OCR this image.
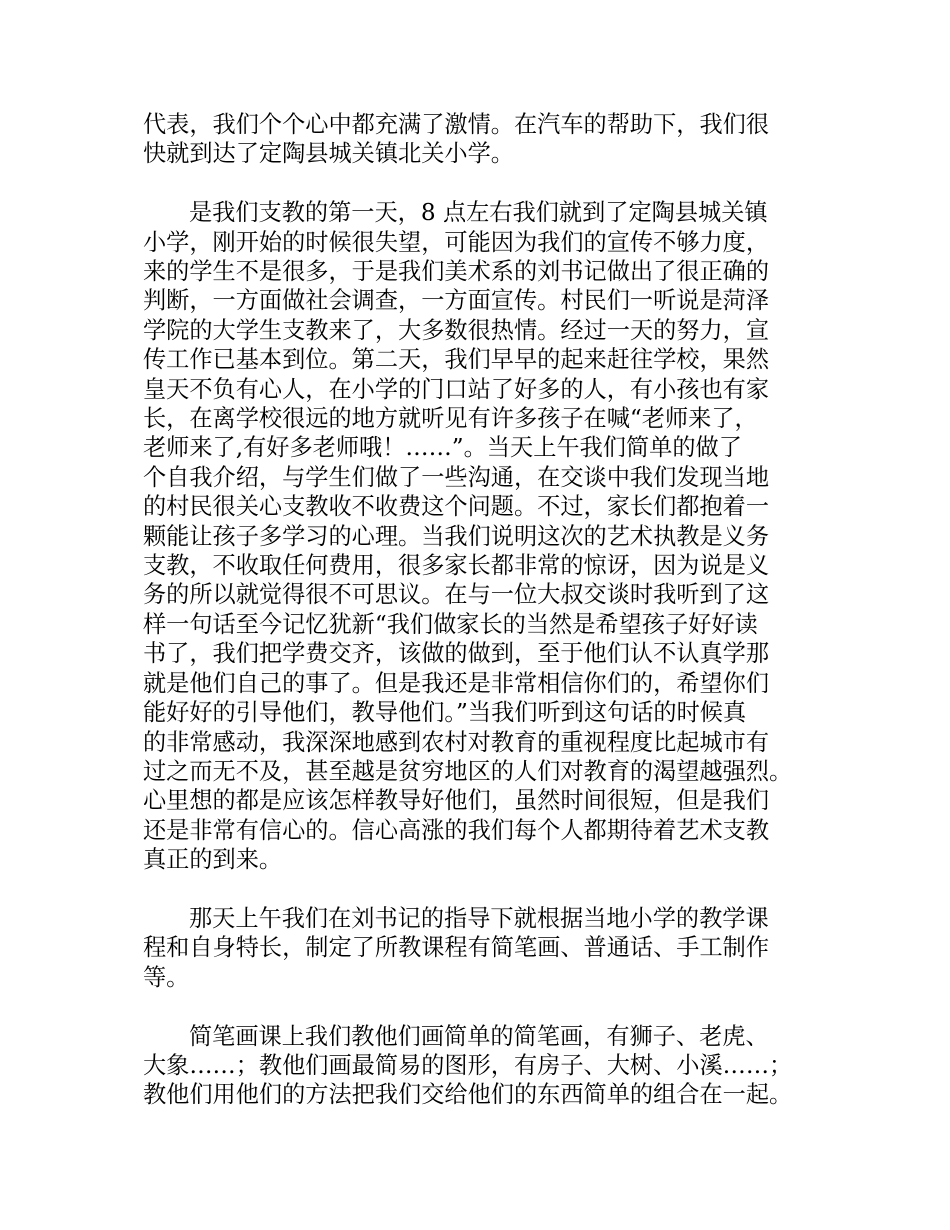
代表，我们个个心中都充满了激情。在汽车的帮助下，我们很
快就到达了定陶县城关镇北关小学。
是我们支教的第一天，8 点左右我们就到了定陶县城关镇
小学，刚开始的时候很失望，可能因为我们的宣传不够力度，
来的学生不是很多，于是我们美术系的刘书记做出了很正确的
判断，一方面做社会调查，一方面宣传。村民们一听说是菏泽
学院的大学生支教来了，大多数很热情。经过一天的努力，宣
传工作已基本到位。第二天，我们早早的起来赶往学校，果然
皇天不负有心人，在小学的门口站了好多的人，有小孩也有家
长，在离学校很远的地方就听见有许多孩子在喊“老师来了，
老师来了,有好多老师哦！……”。当天上午我们简单的做了
个自我介绍，与学生们做了一些沟通，在交谈中我们发现当地
的村民很关心支教收不收费这个问题。不过，家长们都抱着一
颗能让孩子多学习的心理。当我们说明这次的艺术执教是义务
支教，不收取任何费用，很多家长都非常的惊讶，因为说是义
务的所以就觉得很不可思议。在与一位大叔交谈时我听到了这
样一句话至今记忆犹新“我们做家长的当然是希望孩子好好读
书了，我们把学费交齐，该做的做到，至于他们认不认真学那
就是他们自己的事了。但是我还是非常相信你们的，希望你们
能好好的引导他们，教导他们。”当我们听到这句话的时候真
的非常感动，我深深地感到农村对教育的重视程度比起城市有
过之而无不及，甚至越是贫穷地区的人们对教育的渴望越强烈。
心里想的都是应该怎样教导好他们，虽然时间很短，但是我们
还是非常有信心的。信心高涨的我们每个人都期待着艺术支教
真正的到来。
那天上午我们在刘书记的指导下就根据当地小学的教学课
程和自身特长，制定了所教课程有简笔画、普通话、手工制作
等。
简笔画课上我们教他们画简单的简笔画，有狮子、老虎、
大象……；教他们画最简易的图形，有房子、大树、小溪……；
教他们用他们的方法把我们交给他们的东西简单的组合在一起。
